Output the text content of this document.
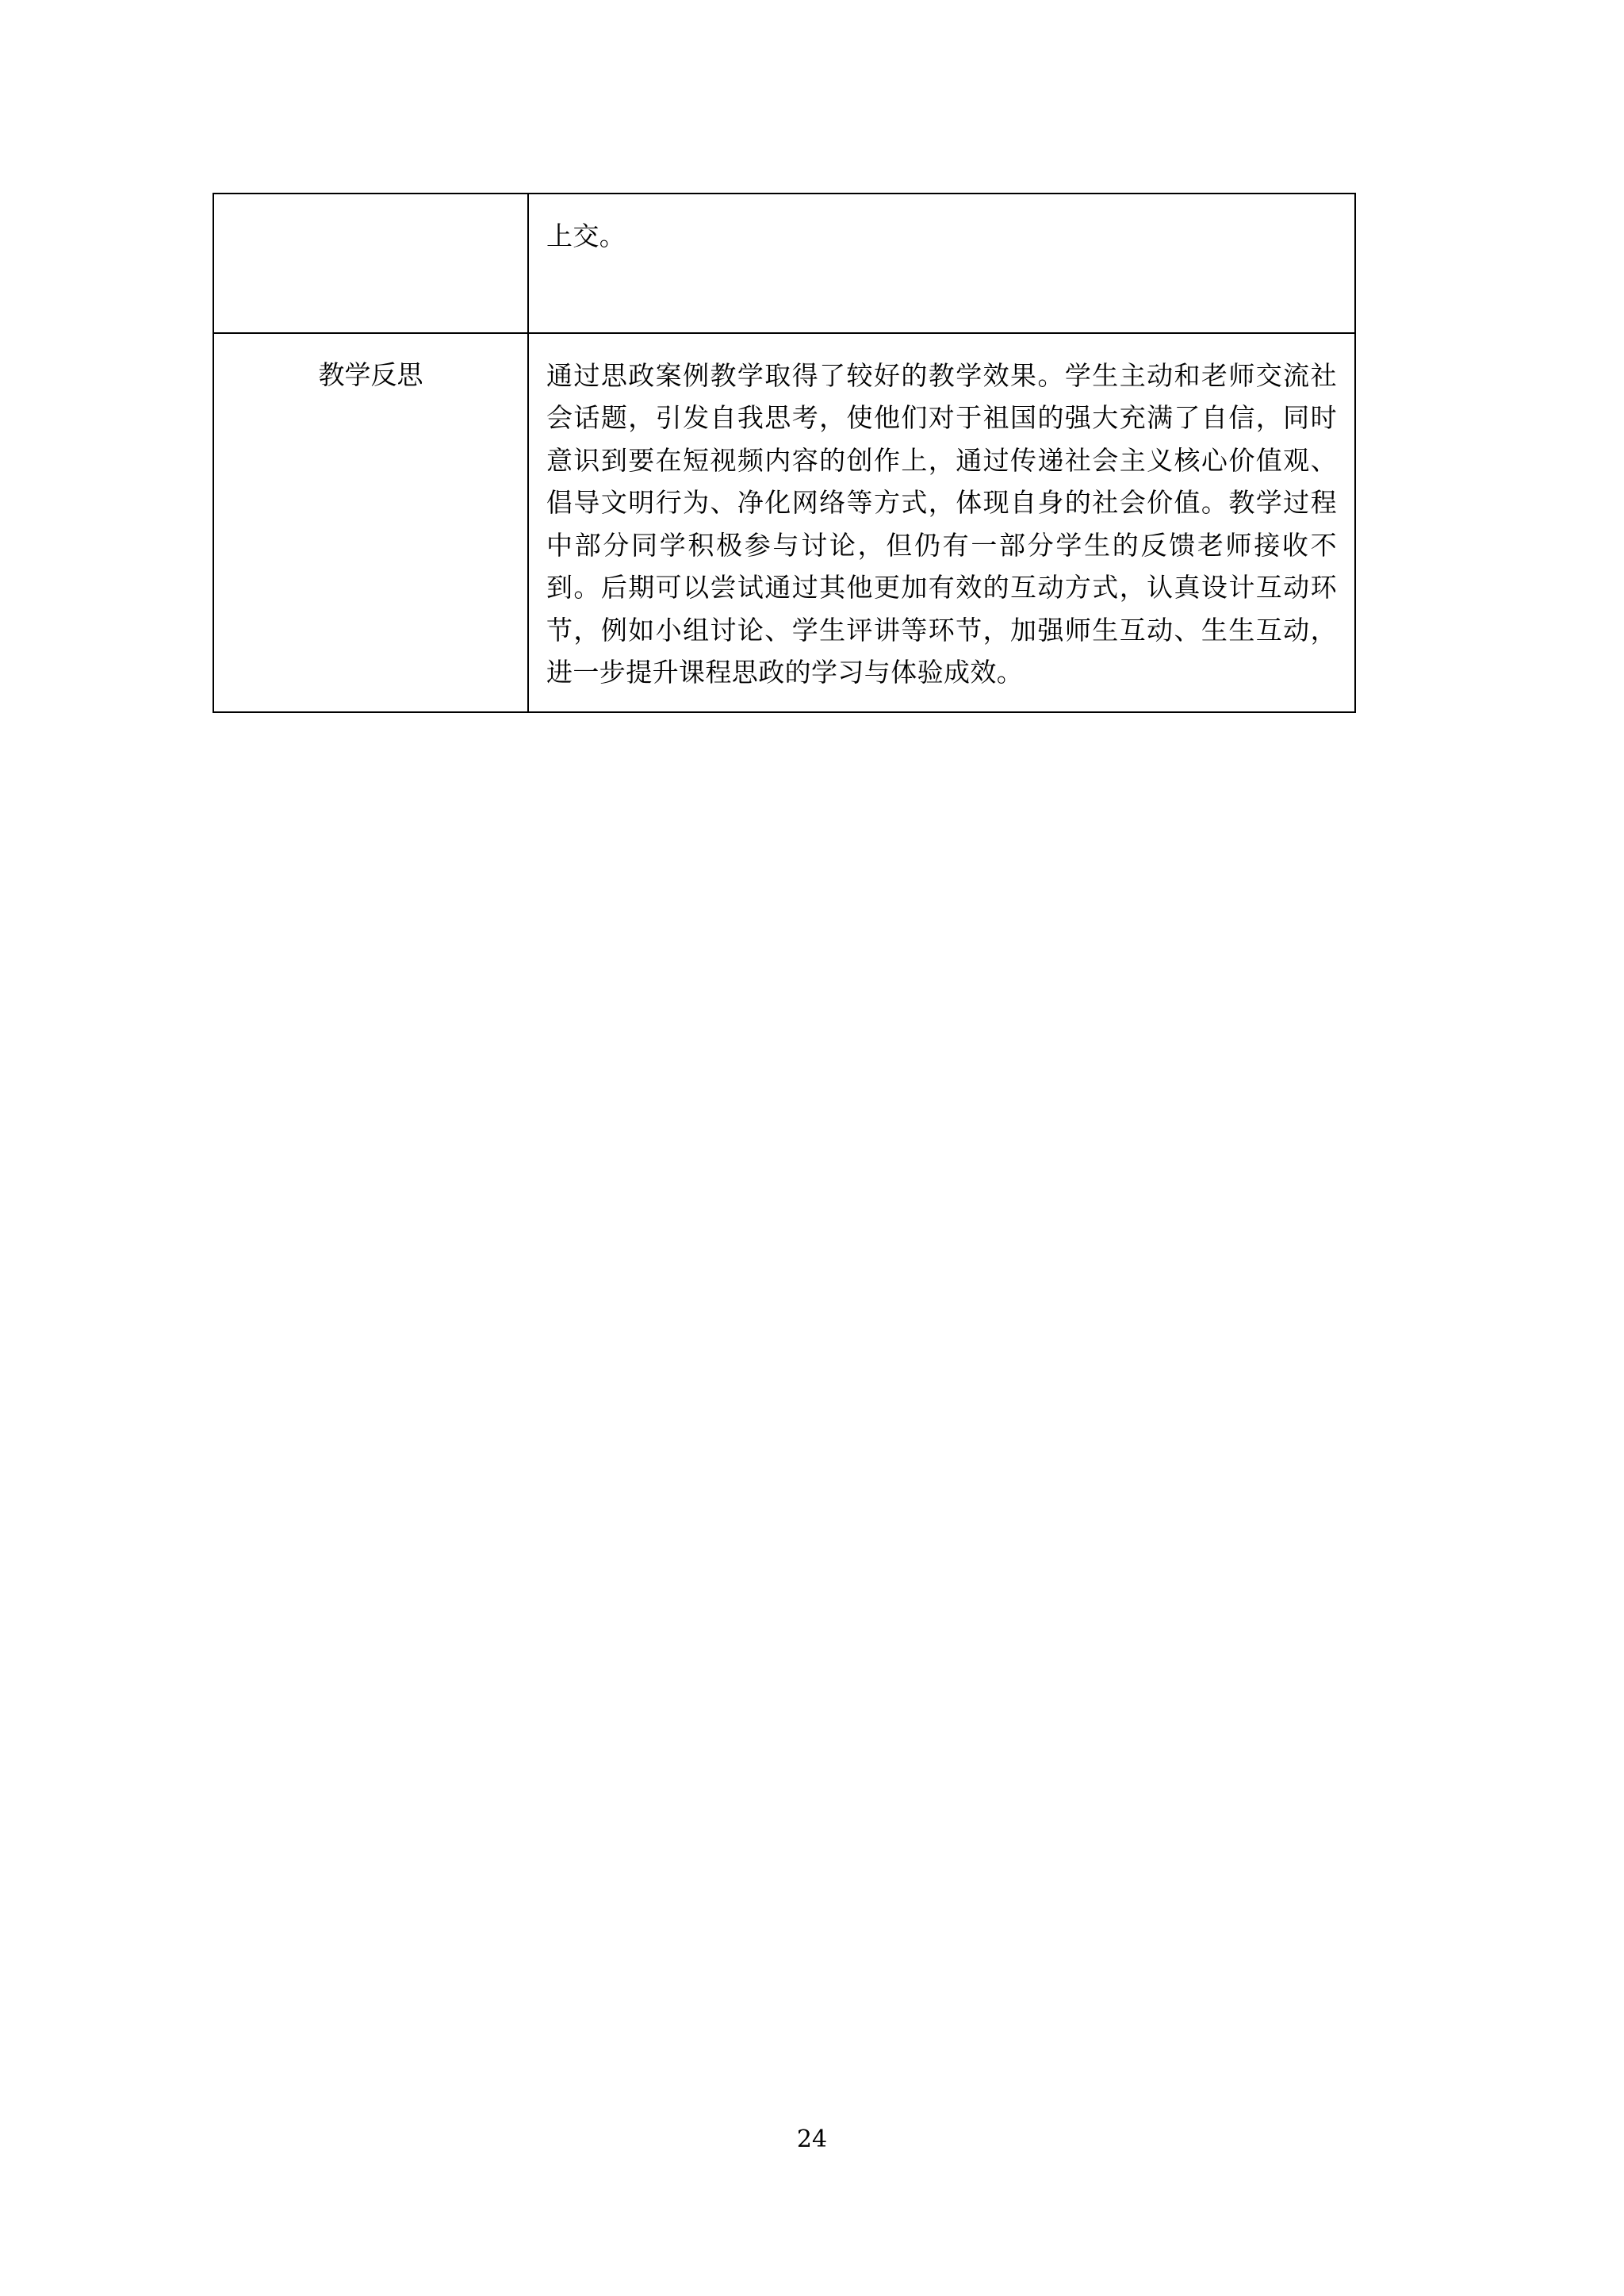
	上交。

教学反思	通过思政案例教学取得了较好的教学效果。学生主动和老师交流社会话题，引发自我思考，使他们对于祖国的强大充满了自信，同时意识到要在短视频内容的创作上，通过传递社会主义核心价值观、倡导文明行为、净化网络等方式，体现自身的社会价值。教学过程中部分同学积极参与讨论，但仍有一部分学生的反馈老师接收不到。后期可以尝试通过其他更加有效的互动方式，认真设计互动环节，例如小组讨论、学生评讲等环节，加强师生互动、生生互动，进一步提升课程思政的学习与体验成效。
24
